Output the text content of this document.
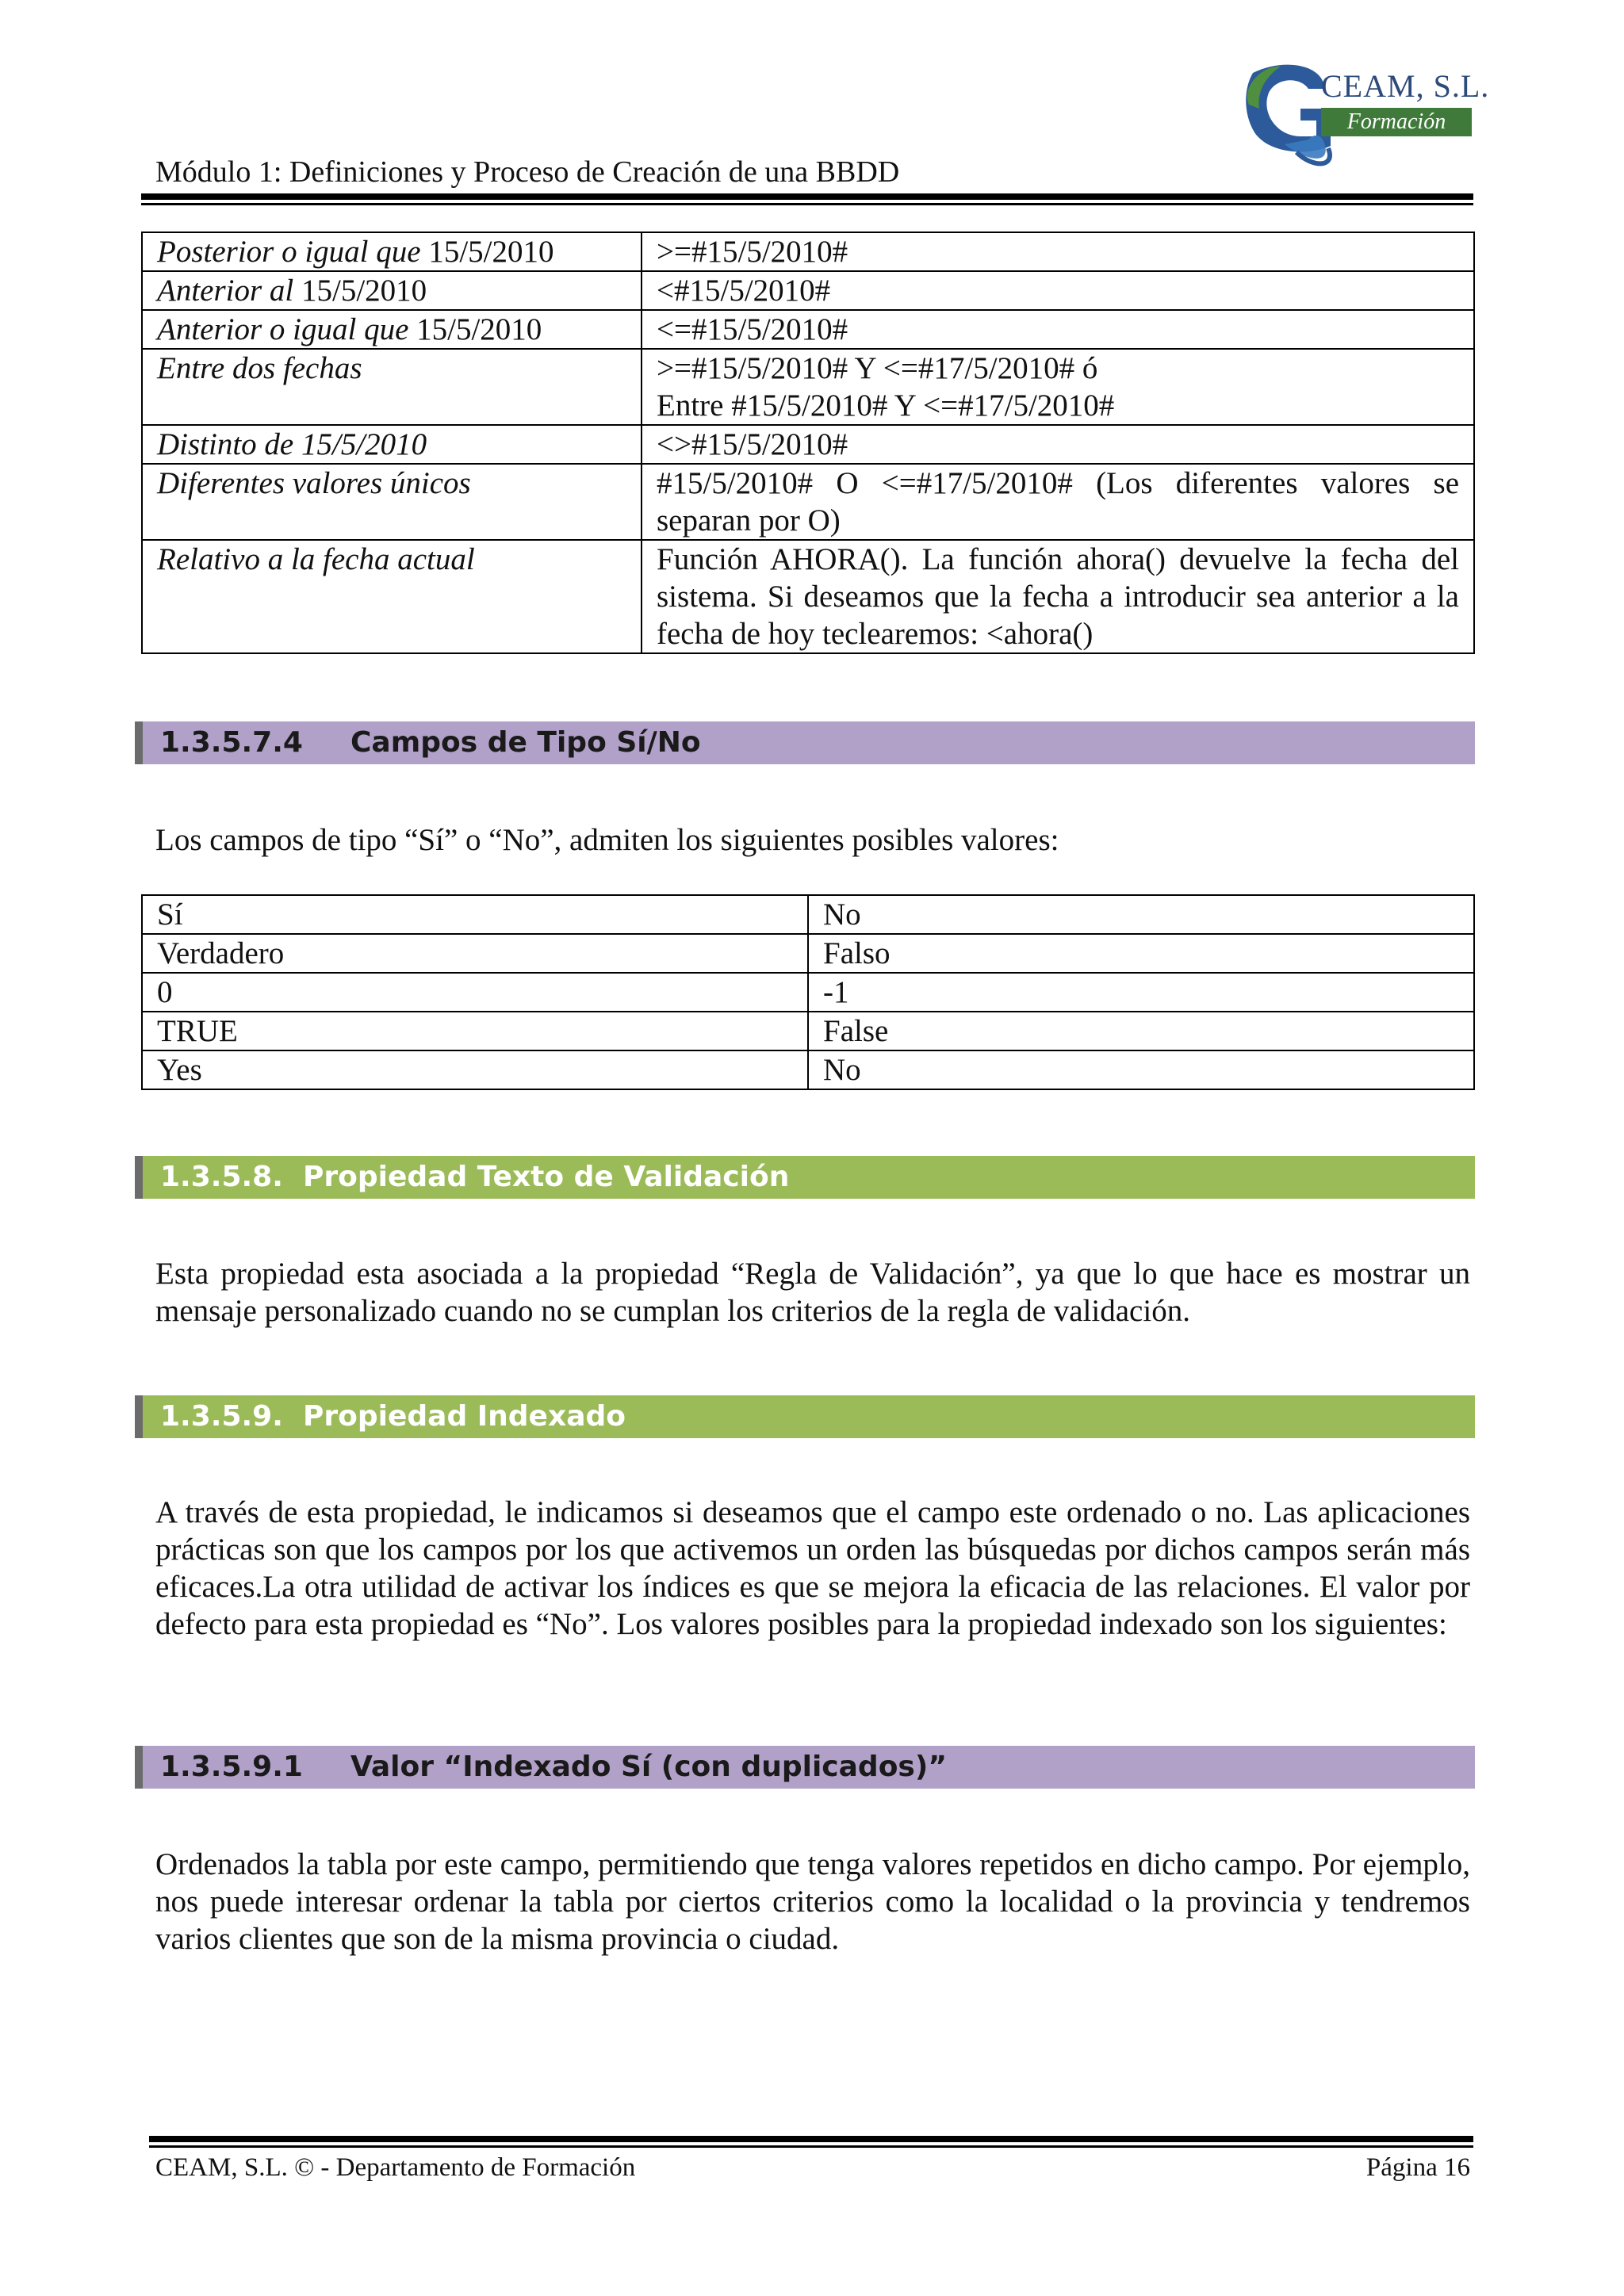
CEAM, S.L.
Formación
Módulo 1: Definiciones y Proceso de Creación de una BBDD
Posterior o igual que 15/5/2010	>=#15/5/2010#
Anterior al 15/5/2010	<#15/5/2010#
Anterior o igual que 15/5/2010	<=#15/5/2010#
Entre dos fechas	>=#15/5/2010# Y <=#17/5/2010# ó
Entre #15/5/2010# Y <=#17/5/2010#

Distinto de 15/5/2010	<>#15/5/2010#
Diferentes valores únicos	#15/5/2010# O <=#17/5/2010# (Los diferentes valores se separan por O)
Relativo a la fecha actual	Función AHORA(). La función ahora() devuelve la fecha del sistema. Si deseamos que la fecha a introducir sea anterior a la fecha de hoy teclearemos: <ahora()
1.3.5.7.4 Campos de Tipo Sí/No
Los campos de tipo “Sí” o “No”, admiten los siguientes posibles valores:
Sí	No
Verdadero	Falso
0	-1
TRUE	False
Yes	No
1.3.5.8. Propiedad Texto de Validación
Esta propiedad esta asociada a la propiedad “Regla de Validación”, ya que lo que hace es mostrar un mensaje personalizado cuando no se cumplan los criterios de la regla de validación.
1.3.5.9. Propiedad Indexado
A través de esta propiedad, le indicamos si deseamos que el campo este ordenado o no. Las aplicaciones prácticas son que los campos por los que activemos un orden las búsquedas por dichos campos serán más eficaces.La otra utilidad de activar los índices es que se mejora la eficacia de las relaciones. El valor por defecto para esta propiedad es “No”. Los valores posibles para la propiedad indexado son los siguientes:
1.3.5.9.1 Valor “Indexado Sí (con duplicados)”
Ordenados la tabla por este campo, permitiendo que tenga valores repetidos en dicho campo. Por ejemplo, nos puede interesar ordenar la tabla por ciertos criterios como la localidad o la provincia y tendremos varios clientes que son de la misma provincia o ciudad.
CEAM, S.L. © - Departamento de Formación	Página 16
